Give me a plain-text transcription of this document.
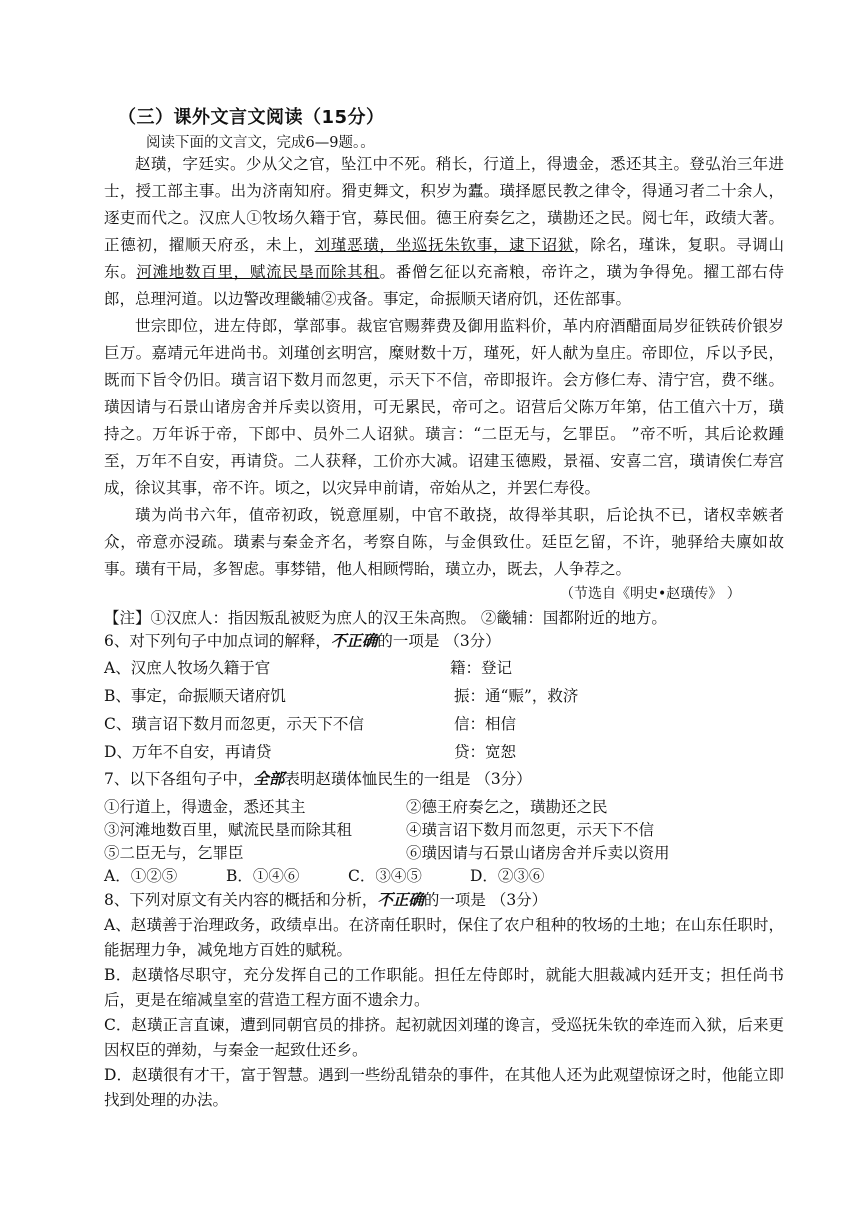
（三）课外文言文阅读（15分）
阅读下面的文言文，完成6—9题。。

赵璜，字廷实。少从父之官，坠江中不死。稍长，行道上，得遗金，悉还其主。登弘治三年进士，授工部主事。出为济南知府。猾吏舞文，积岁为蠹。璜择愿民教之律令，得通习者二十余人，逐吏而代之。汉庶人①牧场久籍于官，募民佃。德王府奏乞之，璜勘还之民。阅七年，政绩大著。正德初，擢顺天府丞，未上，刘瑾恶璜，坐巡抚朱钦事，逮下诏狱，除名，瑾诛，复职。寻调山东。河滩地数百里，赋流民垦而除其租。番僧乞征以充斋粮，帝许之，璜为争得免。擢工部右侍郎，总理河道。以边警改理畿辅②戎备。事定，命振顺天诸府饥，还佐部事。

世宗即位，进左侍郎，掌部事。裁宦官赐葬费及御用监料价，革内府酒醋面局岁征铁砖价银岁巨万。嘉靖元年进尚书。刘瑾创玄明宫，糜财数十万，瑾死，奸人献为皇庄。帝即位，斥以予民，既而下旨令仍旧。璜言诏下数月而忽更，示天下不信，帝即报许。会方修仁寿、清宁宫，费不继。璜因请与石景山诸房舍并斥卖以资用，可无累民，帝可之。诏营后父陈万年第，估工值六十万，璜持之。万年诉于帝，下郎中、员外二人诏狱。璜言：“二臣无与，乞罪臣。 ”帝不听，其后论救踵至，万年不自安，再请贷。二人获释，工价亦大减。诏建玉德殿，景福、安喜二宫，璜请俟仁寿宫成，徐议其事，帝不许。顷之，以灾异申前请，帝始从之，并罢仁寿役。

璜为尚书六年，值帝初政，锐意厘剔，中官不敢挠，故得举其职，后论执不已，诸权幸嫉者众，帝意亦浸疏。璜素与秦金齐名，考察自陈，与金俱致仕。廷臣乞留，不许，驰驿给夫廪如故事。璜有干局，多智虑。事棼错，他人相顾愕眙，璜立办，既去，人争荐之。

（节选自《明史•赵璜传》 ）
【注】①汉庶人：指因叛乱被贬为庶人的汉王朱高煦。 ②畿辅：国都附近的地方。
6、对下列句子中加点词的解释，不正确的一项是 （3分）
A、汉庶人牧场久籍于官	籍：登记
B、事定，命振顺天诸府饥	振：通“赈”，救济
C、璜言诏下数月而忽更，示天下不信	信：相信
D、万年不自安，再请贷	贷：宽恕
7、以下各组句子中，全部表明赵璜体恤民生的一组是 （3分）
①行道上，得遗金，悉还其主	②德王府奏乞之，璜勘还之民
③河滩地数百里，赋流民垦而除其租	④璜言诏下数月而忽更，示天下不信
⑤二臣无与，乞罪臣	⑥璜因请与石景山诸房舍并斥卖以资用
A．①②⑤	B．①④⑥	C．③④⑤	D．②③⑥
8、下列对原文有关内容的概括和分析，不正确的一项是 （3分）

A、赵璜善于治理政务，政绩卓出。在济南任职时，保住了农户租种的牧场的土地；在山东任职时，能据理力争，减免地方百姓的赋税。

B．赵璜恪尽职守，充分发挥自己的工作职能。担任左侍郎时，就能大胆裁减内廷开支；担任尚书后，更是在缩减皇室的营造工程方面不遗余力。

C．赵璜正言直谏，遭到同朝官员的排挤。起初就因刘瑾的谗言，受巡抚朱钦的牵连而入狱，后来更因权臣的弹劾，与秦金一起致仕还乡。

D．赵璜很有才干，富于智慧。遇到一些纷乱错杂的事件，在其他人还为此观望惊讶之时，他能立即找到处理的办法。
